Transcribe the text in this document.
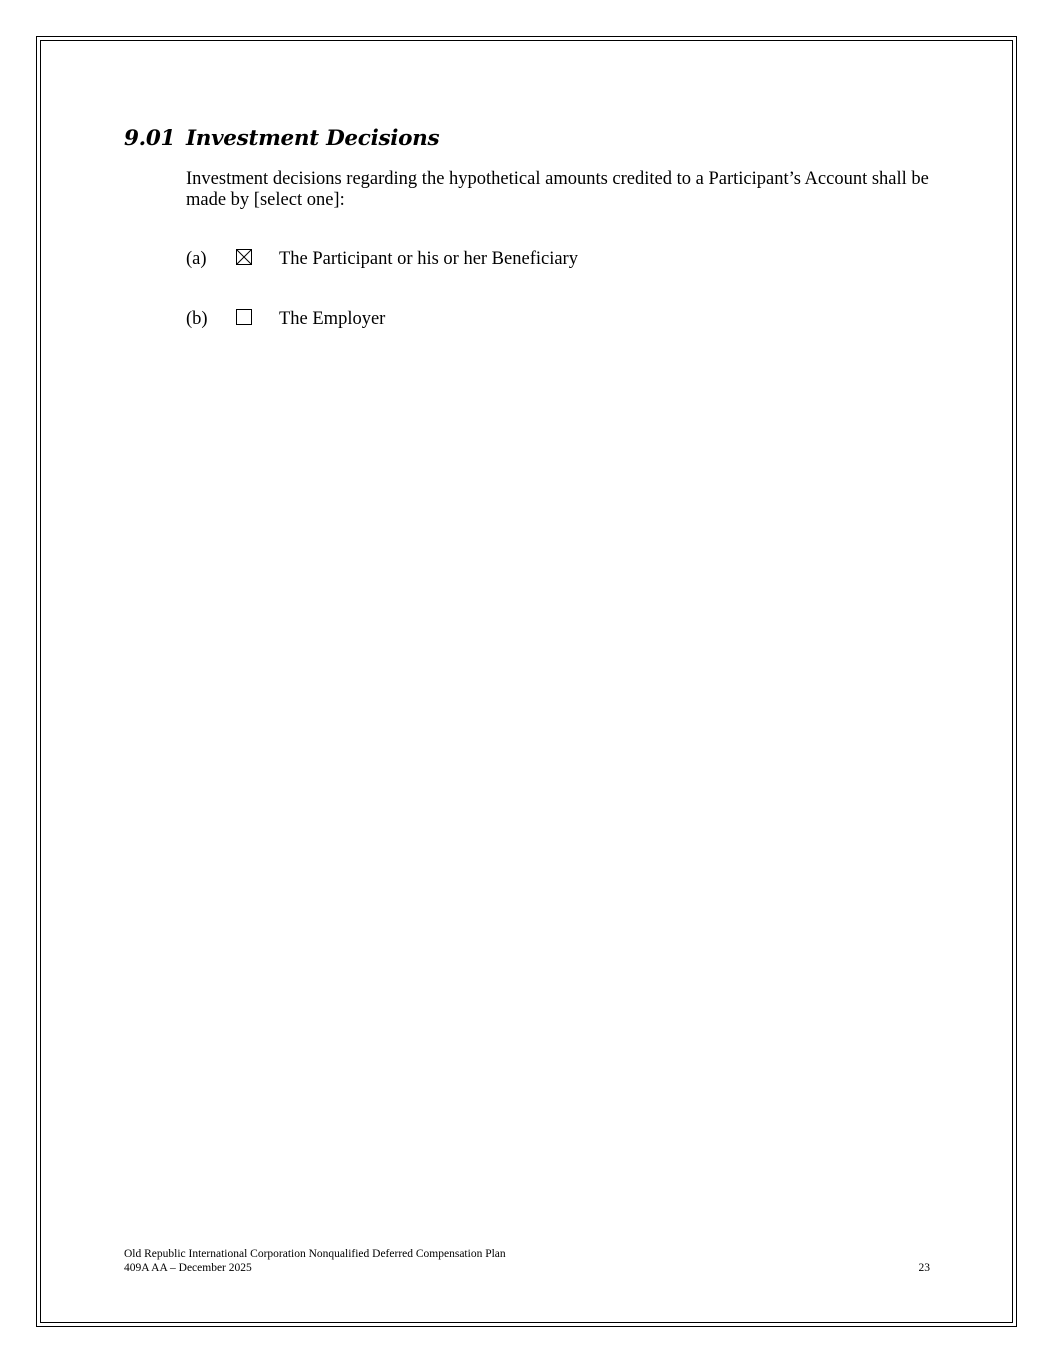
9.01 Investment Decisions
Investment decisions regarding the hypothetical amounts credited to a Participant’s Account shall be made by [select one]:
(a)	The Participant or his or her Beneficiary
(b)	The Employer
Old Republic International Corporation Nonqualified Deferred Compensation Plan
409A AA – December 2025	23
